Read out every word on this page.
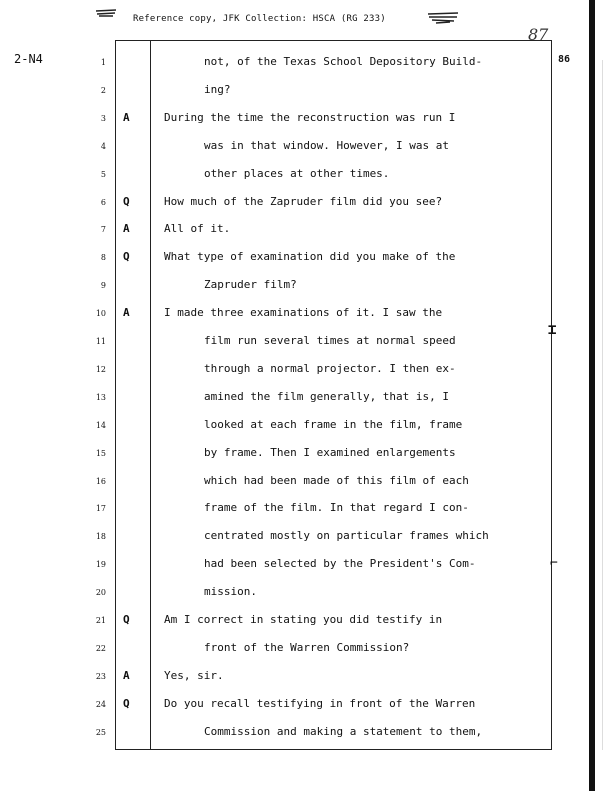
Reference copy, JFK Collection: HSCA (RG 233)
87
2-N4	86
⌶
⌐
1	not, of the Texas School Depository Build-
2	ing?
3 A	During the time the reconstruction was run I
4	was in that window. However, I was at
5	other places at other times.
6 Q	How much of the Zapruder film did you see?
7 A	All of it.
8 Q	What type of examination did you make of the
9	Zapruder film?
10 A	I made three examinations of it. I saw the
11	film run several times at normal speed
12	through a normal projector. I then ex-
13	amined the film generally, that is, I
14	looked at each frame in the film, frame
15	by frame. Then I examined enlargements
16	which had been made of this film of each
17	frame of the film. In that regard I con-
18	centrated mostly on particular frames which
19	had been selected by the President's Com-
20	mission.
21 Q	Am I correct in stating you did testify in
22	front of the Warren Commission?
23 A	Yes, sir.
24 Q	Do you recall testifying in front of the Warren
25	Commission and making a statement to them,
